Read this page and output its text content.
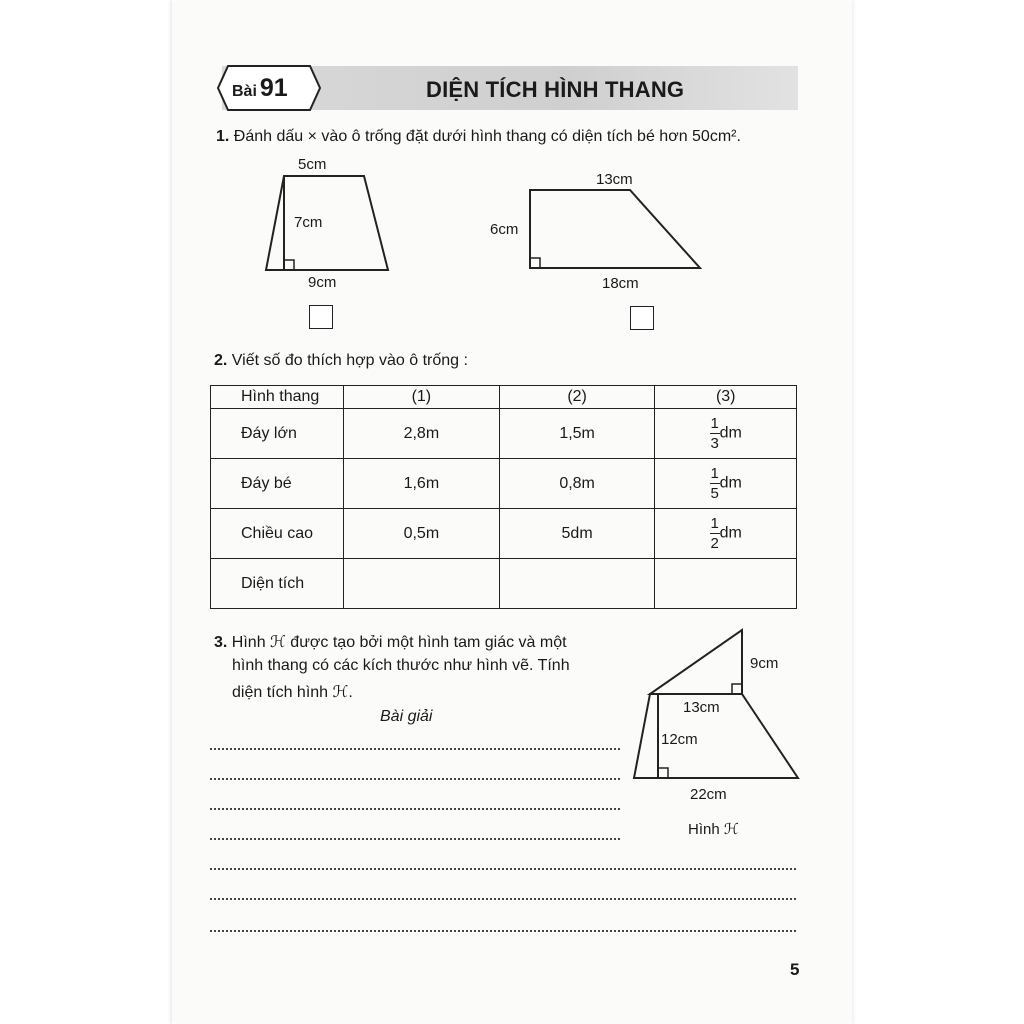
Bài 91	DIỆN TÍCH HÌNH THANG
1. Đánh dấu × vào ô trống đặt dưới hình thang có diện tích bé hơn 50cm².
5cm
7cm
9cm
13cm
6cm
18cm
2. Viết số đo thích hợp vào ô trống :
Hình thang	(1)	(2)	(3)
Đáy lớn	2,8m	1,5m	$\frac{1}{3}$ dm
Đáy bé	1,6m	0,8m	$\frac{1}{5}$ dm
Chiều cao	0,5m	5dm	$\frac{1}{2}$ dm
Diện tích			
3. Hình ℋ được tạo bởi một hình tam giác và một
hình thang có các kích thước như hình vẽ. Tính
diện tích hình ℋ.
Bài giải
9cm
13cm
12cm
22cm
Hình ℋ
5
